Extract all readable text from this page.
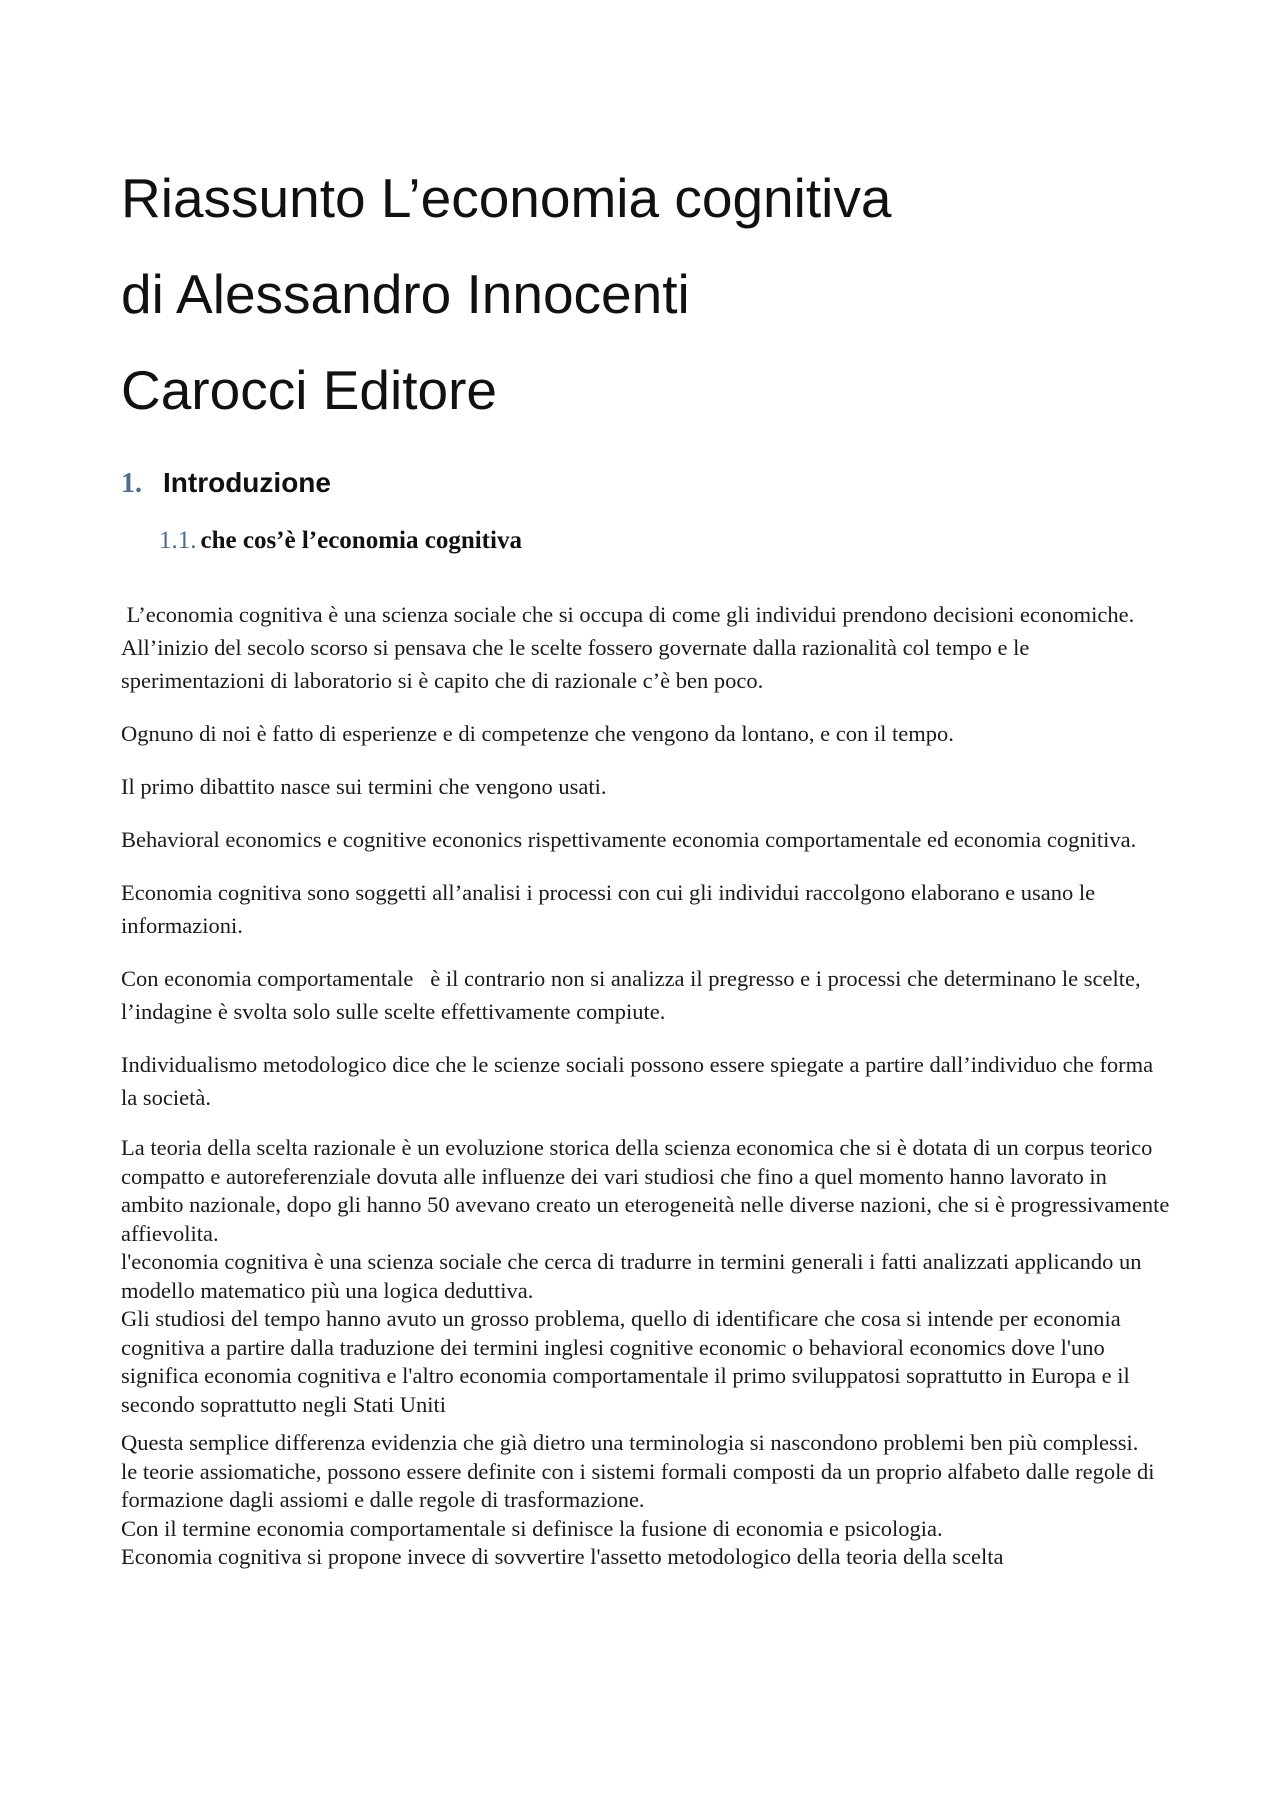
Riassunto L’economia cognitiva
di Alessandro Innocenti
Carocci Editore
1. Introduzione
1.1. che cos’è l’economia cognitiva

L’economia cognitiva è una scienza sociale che si occupa di come gli individui prendono decisioni economiche.
All’inizio del secolo scorso si pensava che le scelte fossero governate dalla razionalità col tempo e le sperimentazioni di laboratorio si è capito che di razionale c’è ben poco.

Ognuno di noi è fatto di esperienze e di competenze che vengono da lontano, e con il tempo.

Il primo dibattito nasce sui termini che vengono usati.

Behavioral economics e cognitive econonics rispettivamente economia comportamentale ed economia cognitiva.

Economia cognitiva sono soggetti all’analisi i processi con cui gli individui raccolgono elaborano e usano le informazioni.

Con economia comportamentale   è il contrario non si analizza il pregresso e i processi che determinano le scelte, l’indagine è svolta solo sulle scelte effettivamente compiute.

Individualismo metodologico dice che le scienze sociali possono essere spiegate a partire dall’individuo che forma la società.

La teoria della scelta razionale è un evoluzione storica della scienza economica che si è dotata di un corpus teorico compatto e autoreferenziale dovuta alle influenze dei vari studiosi che fino a quel momento hanno lavorato in ambito nazionale, dopo gli hanno 50 avevano creato un eterogeneità nelle diverse nazioni, che si è progressivamente affievolita.
l'economia cognitiva è una scienza sociale che cerca di tradurre in termini generali i fatti analizzati applicando un modello matematico più una logica deduttiva.
Gli studiosi del tempo hanno avuto un grosso problema, quello di identificare che cosa si intende per economia cognitiva a partire dalla traduzione dei termini inglesi cognitive economic o behavioral economics dove l'uno significa economia cognitiva e l'altro economia comportamentale il primo sviluppatosi soprattutto in Europa e il secondo soprattutto negli Stati Uniti

Questa semplice differenza evidenzia che già dietro una terminologia si nascondono problemi ben più complessi.
le teorie assiomatiche, possono essere definite con i sistemi formali composti da un proprio alfabeto dalle regole di formazione dagli assiomi e dalle regole di trasformazione.
Con il termine economia comportamentale si definisce la fusione di economia e psicologia.
Economia cognitiva si propone invece di sovvertire l'assetto metodologico della teoria della scelta
